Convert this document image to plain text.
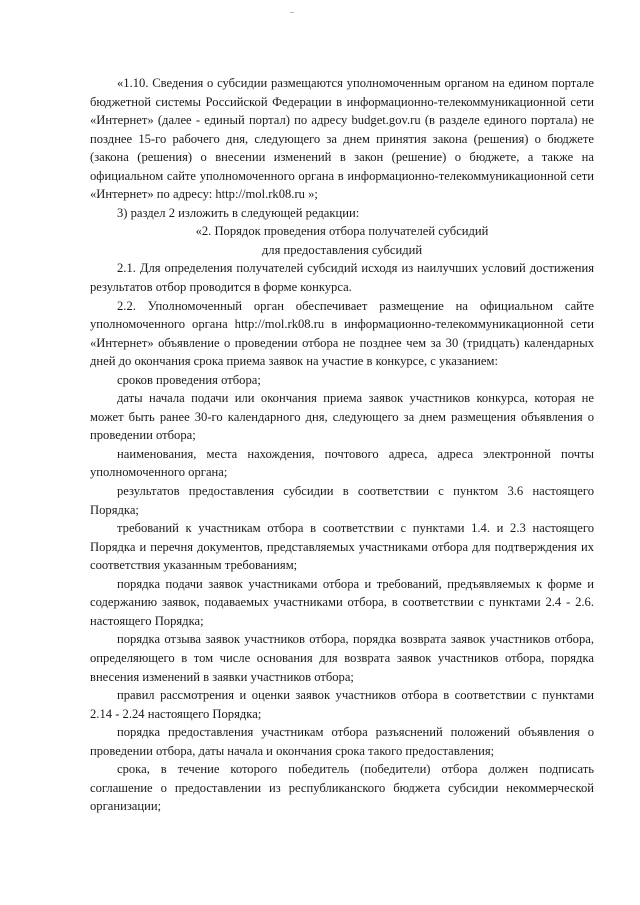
«1.10. Сведения о субсидии размещаются уполномоченным органом на едином портале бюджетной системы Российской Федерации в информационно-телекоммуникационной сети «Интернет» (далее - единый портал) по адресу budget.gov.ru (в разделе единого портала) не позднее 15-го рабочего дня, следующего за днем принятия закона (решения) о бюджете (закона (решения) о внесении изменений в закон (решение) о бюджете, а также на официальном сайте уполномоченного органа в информационно-телекоммуникационной сети «Интернет» по адресу: http://mol.rk08.ru »;

3) раздел 2 изложить в следующей редакции:

«2. Порядок проведения отбора получателей субсидий

для предоставления субсидий

2.1. Для определения получателей субсидий исходя из наилучших условий достижения результатов отбор проводится в форме конкурса.

2.2. Уполномоченный орган обеспечивает размещение на официальном сайте уполномоченного органа http://mol.rk08.ru в информационно-телекоммуникационной сети «Интернет» объявление о проведении отбора не позднее чем за 30 (тридцать) календарных дней до окончания срока приема заявок на участие в конкурсе, с указанием:

сроков проведения отбора;

даты начала подачи или окончания приема заявок участников конкурса, которая не может быть ранее 30-го календарного дня, следующего за днем размещения объявления о проведении отбора;

наименования, места нахождения, почтового адреса, адреса электронной почты уполномоченного органа;

результатов предоставления субсидии в соответствии с пунктом 3.6 настоящего Порядка;

требований к участникам отбора в соответствии с пунктами 1.4. и 2.3 настоящего Порядка и перечня документов, представляемых участниками отбора для подтверждения их соответствия указанным требованиям;

порядка подачи заявок участниками отбора и требований, предъявляемых к форме и содержанию заявок, подаваемых участниками отбора, в соответствии с пунктами 2.4 - 2.6. настоящего Порядка;

порядка отзыва заявок участников отбора, порядка возврата заявок участников отбора, определяющего в том числе основания для возврата заявок участников отбора, порядка внесения изменений в заявки участников отбора;

правил рассмотрения и оценки заявок участников отбора в соответствии с пунктами 2.14 - 2.24 настоящего Порядка;

порядка предоставления участникам отбора разъяснений положений объявления о проведении отбора, даты начала и окончания срока такого предоставления;

срока, в течение которого победитель (победители) отбора должен подписать соглашение о предоставлении из республиканского бюджета субсидии некоммерческой организации;
